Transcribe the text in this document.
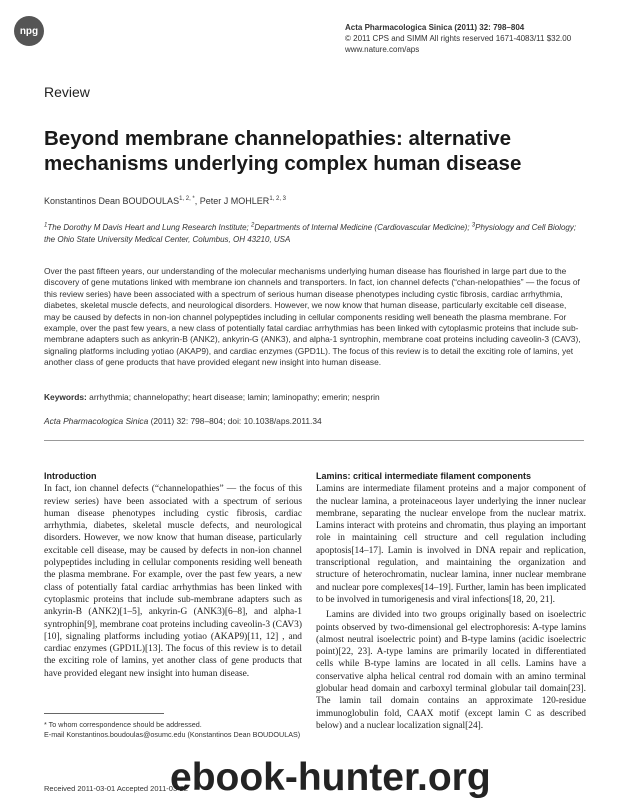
npg	Acta Pharmacologica Sinica (2011) 32: 798–804
© 2011 CPS and SIMM All rights reserved 1671-4083/11 $32.00
www.nature.com/aps
Review
Beyond membrane channelopathies: alternative mechanisms underlying complex human disease
Konstantinos Dean $BOUDOULAS^{1, 2, *}$, Peter J MOHLER$^{1, 2, 3}$
$^1$The Dorothy M Davis Heart and Lung Research Institute; $^2$Departments of Internal Medicine (Cardiovascular Medicine); $^3$Physiology and Cell Biology; the Ohio State University Medical Center, Columbus, OH 43210, USA
Over the past fifteen years, our understanding of the molecular mechanisms underlying human disease has flourished in large part due to the discovery of gene mutations linked with membrane ion channels and transporters. In fact, ion channel defects (“chan-nelopathies” — the focus of this review series) have been associated with a spectrum of serious human disease phenotypes including cystic fibrosis, cardiac arrhythmia, diabetes, skeletal muscle defects, and neurological disorders. However, we now know that human disease, particularly excitable cell disease, may be caused by defects in non-ion channel polypeptides including in cellular components residing well beneath the plasma membrane. For example, over the past few years, a new class of potentially fatal cardiac arrhythmias has been linked with cytoplasmic proteins that include sub-membrane adapters such as ankyrin-B (ANK2), ankyrin-G (ANK3), and alpha-1 syntrophin, membrane coat proteins including caveolin-3 (CAV3), signaling platforms including yotiao (AKAP9), and cardiac enzymes (GPD1L). The focus of this review is to detail the exciting role of lamins, yet another class of gene products that have provided elegant new insight into human disease.
Keywords: arrhythmia; channelopathy; heart disease; lamin; laminopathy; emerin; nesprin
Acta Pharmacologica Sinica (2011) 32: 798–804; doi: 10.1038/aps.2011.34
Introduction

In fact, ion channel defects (“channelopathies” — the focus of this review series) have been associated with a spectrum of serious human disease phenotypes including cystic fibrosis, cardiac arrhythmia, diabetes, skeletal muscle defects, and neurological disorders. However, we now know that human disease, particularly excitable cell disease, may be caused by defects in non-ion channel polypeptides including in cellular components residing well beneath the plasma membrane. For example, over the past few years, a new class of potentially fatal cardiac arrhythmias has been linked with cytoplasmic proteins that include sub-membrane adapters such as ankyrin-B (ANK2)[1–5], ankyrin-G (ANK3)[6–8], and alpha-1 syntrophin[9], membrane coat proteins including caveolin-3 (CAV3)[10], signaling platforms including yotiao (AKAP9)[11, 12] , and cardiac enzymes (GPD1L)[13]. The focus of this review is to detail the exciting role of lamins, yet another class of gene products that have provided elegant new insight into human disease.

Lamins: critical intermediate filament components

Lamins are intermediate filament proteins and a major component of the nuclear lamina, a proteinaceous layer underlying the inner nuclear membrane, separating the nuclear envelope from the nuclear matrix. Lamins interact with proteins and chromatin, thus playing an important role in maintaining cell structure and cell regulation including apoptosis[14–17]. Lamin is involved in DNA repair and replication, transcriptional regulation, and maintaining the organization and structure of heterochromatin, nuclear lamina, inner nuclear membrane and nuclear pore complexes[14–19]. Further, lamin has been implicated to be involved in tumorigenesis and viral infections[18, 20, 21].

Lamins are divided into two groups originally based on isoelectric points observed by two-dimensional gel electrophoresis: A-type lamins (almost neutral isoelectric point) and B-type lamins (acidic isoelectric point)[22, 23]. A-type lamins are primarily located in differentiated cells while B-type lamins are located in all cells. Lamins have a conservative alpha helical central rod domain with an amino terminal globular head domain and carboxyl terminal globular tail domain[23]. The lamin tail domain contains an approximate 120-residue immunoglobulin fold, CAAX motif (except lamin C as described below) and a nuclear localization signal[24].

* To whom correspondence should be addressed.
E-mail Konstantinos.boudoulas@osumc.edu (Konstantinos Dean BOUDOULAS)
Received 2011-03-01 Accepted 2011-03-22
ebook-hunter.org
